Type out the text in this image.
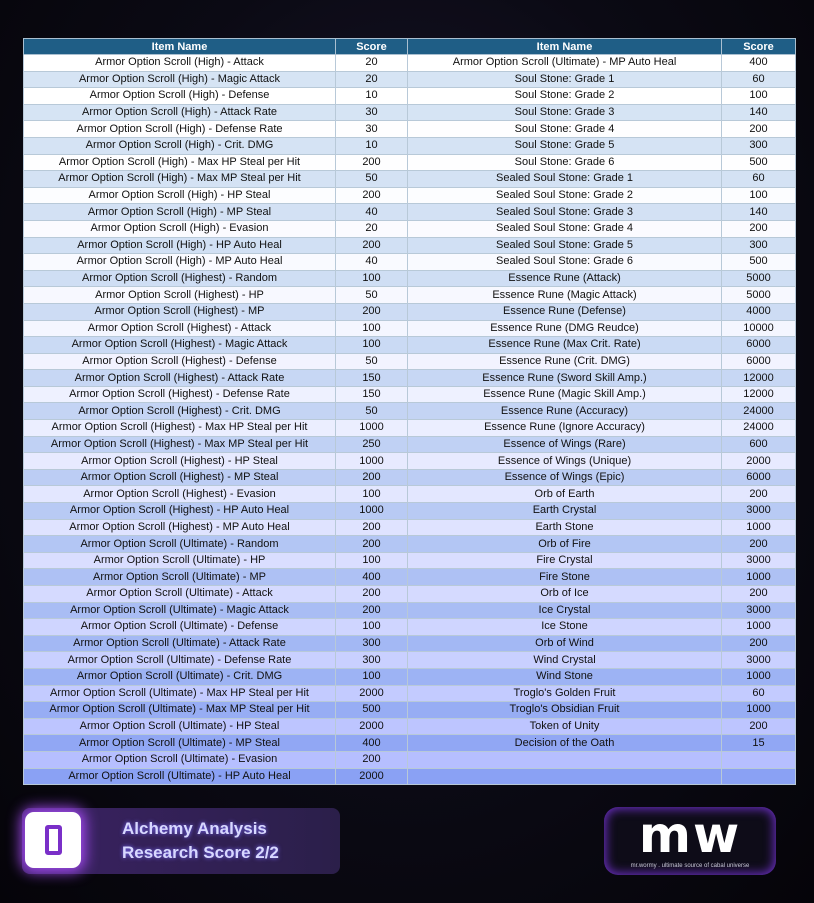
Item Name	Score	Item Name	Score
Armor Option Scroll (High) - Attack	20	Armor Option Scroll (Ultimate) - MP Auto Heal	400
Armor Option Scroll (High) - Magic Attack	20	Soul Stone: Grade 1	60
Armor Option Scroll (High) - Defense	10	Soul Stone: Grade 2	100
Armor Option Scroll (High) - Attack Rate	30	Soul Stone: Grade 3	140
Armor Option Scroll (High) - Defense Rate	30	Soul Stone: Grade 4	200
Armor Option Scroll (High) - Crit. DMG	10	Soul Stone: Grade 5	300
Armor Option Scroll (High) - Max HP Steal per Hit	200	Soul Stone: Grade 6	500
Armor Option Scroll (High) - Max MP Steal per Hit	50	Sealed Soul Stone: Grade 1	60
Armor Option Scroll (High) - HP Steal	200	Sealed Soul Stone: Grade 2	100
Armor Option Scroll (High) - MP Steal	40	Sealed Soul Stone: Grade 3	140
Armor Option Scroll (High) - Evasion	20	Sealed Soul Stone: Grade 4	200
Armor Option Scroll (High) - HP Auto Heal	200	Sealed Soul Stone: Grade 5	300
Armor Option Scroll (High) - MP Auto Heal	40	Sealed Soul Stone: Grade 6	500
Armor Option Scroll (Highest) - Random	100	Essence Rune (Attack)	5000
Armor Option Scroll (Highest) - HP	50	Essence Rune (Magic Attack)	5000
Armor Option Scroll (Highest) - MP	200	Essence Rune (Defense)	4000
Armor Option Scroll (Highest) - Attack	100	Essence Rune (DMG Reudce)	10000
Armor Option Scroll (Highest) - Magic Attack	100	Essence Rune (Max Crit. Rate)	6000
Armor Option Scroll (Highest) - Defense	50	Essence Rune (Crit. DMG)	6000
Armor Option Scroll (Highest) - Attack Rate	150	Essence Rune (Sword Skill Amp.)	12000
Armor Option Scroll (Highest) - Defense Rate	150	Essence Rune (Magic Skill Amp.)	12000
Armor Option Scroll (Highest) - Crit. DMG	50	Essence Rune (Accuracy)	24000
Armor Option Scroll (Highest) - Max HP Steal per Hit	1000	Essence Rune (Ignore Accuracy)	24000
Armor Option Scroll (Highest) - Max MP Steal per Hit	250	Essence of Wings (Rare)	600
Armor Option Scroll (Highest) - HP Steal	1000	Essence of Wings (Unique)	2000
Armor Option Scroll (Highest) - MP Steal	200	Essence of Wings (Epic)	6000
Armor Option Scroll (Highest) - Evasion	100	Orb of Earth	200
Armor Option Scroll (Highest) - HP Auto Heal	1000	Earth Crystal	3000
Armor Option Scroll (Highest) - MP Auto Heal	200	Earth Stone	1000
Armor Option Scroll (Ultimate) - Random	200	Orb of Fire	200
Armor Option Scroll (Ultimate) - HP	100	Fire Crystal	3000
Armor Option Scroll (Ultimate) - MP	400	Fire Stone	1000
Armor Option Scroll (Ultimate) - Attack	200	Orb of Ice	200
Armor Option Scroll (Ultimate) - Magic Attack	200	Ice Crystal	3000
Armor Option Scroll (Ultimate) - Defense	100	Ice Stone	1000
Armor Option Scroll (Ultimate) - Attack Rate	300	Orb of Wind	200
Armor Option Scroll (Ultimate) - Defense Rate	300	Wind Crystal	3000
Armor Option Scroll (Ultimate) - Crit. DMG	100	Wind Stone	1000
Armor Option Scroll (Ultimate) - Max HP Steal per Hit	2000	Troglo's Golden Fruit	60
Armor Option Scroll (Ultimate) - Max MP Steal per Hit	500	Troglo's Obsidian Fruit	1000
Armor Option Scroll (Ultimate) - HP Steal	2000	Token of Unity	200
Armor Option Scroll (Ultimate) - MP Steal	400	Decision of the Oath	15
Armor Option Scroll (Ultimate) - Evasion	200		
Armor Option Scroll (Ultimate) - HP Auto Heal	2000		
Alchemy Analysis
Research Score 2/2	mw
mr.wormy . ultimate source of cabal universe
